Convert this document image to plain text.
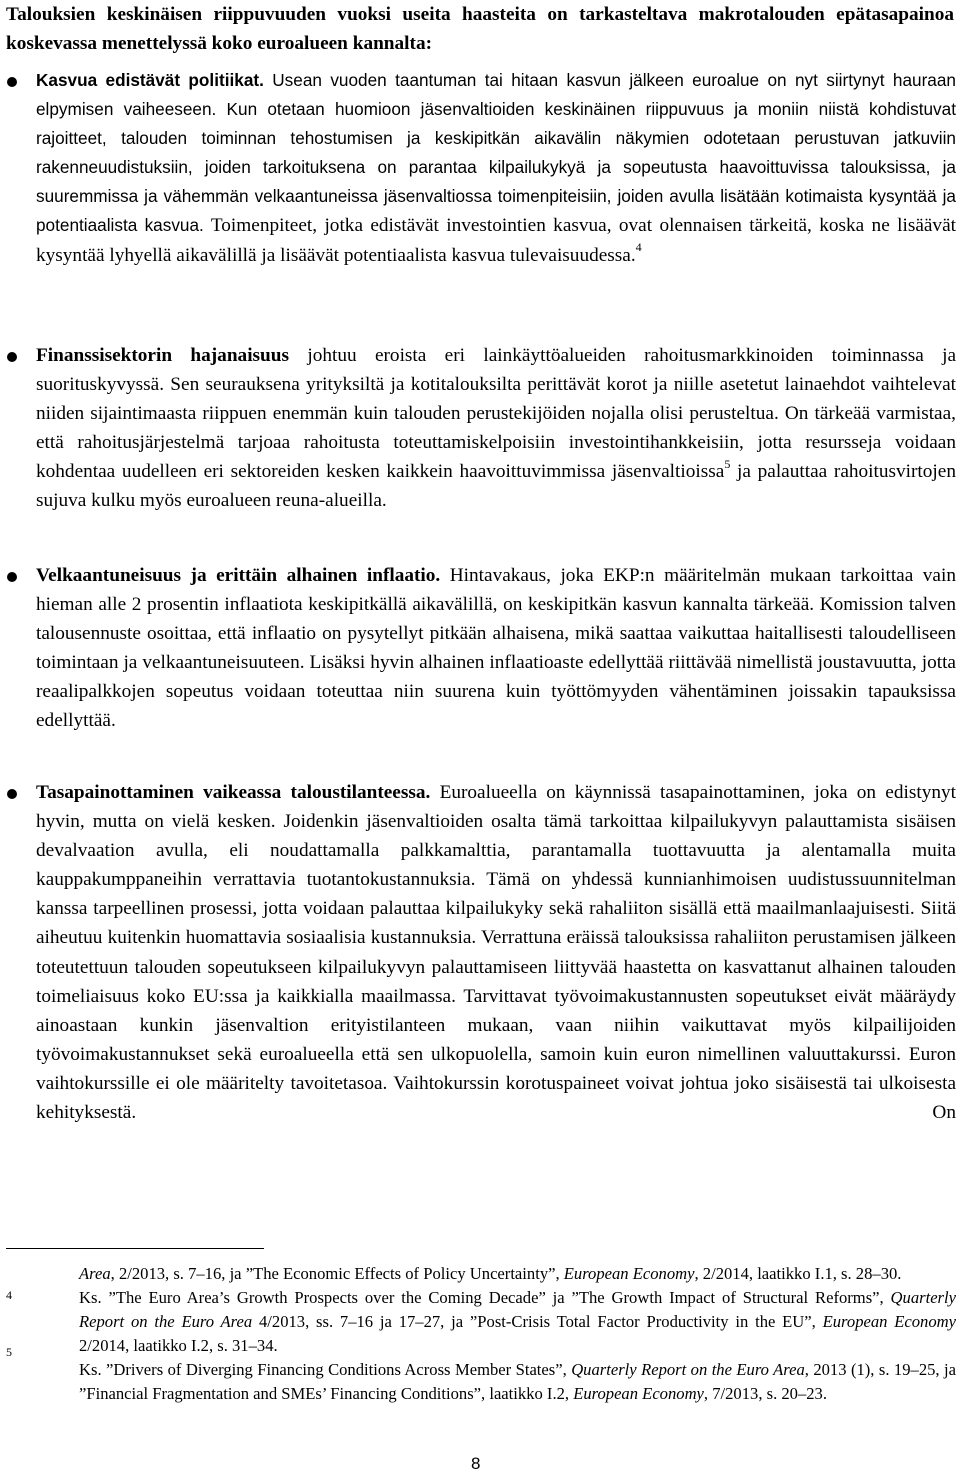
Talouksien keskinäisen riippuvuuden vuoksi useita haasteita on tarkasteltava makrotalouden epätasapainoa koskevassa menettelyssä koko euroalueen kannalta:

Kasvua edistävät politiikat. Usean vuoden taantuman tai hitaan kasvun jälkeen euroalue on nyt siirtynyt hauraan elpymisen vaiheeseen. Kun otetaan huomioon jäsenvaltioiden keskinäinen riippuvuus ja moniin niistä kohdistuvat rajoitteet, talouden toiminnan tehostumisen ja keskipitkän aikavälin näkymien odotetaan perustuvan jatkuviin rakenneuudistuksiin, joiden tarkoituksena on parantaa kilpailukykyä ja sopeutusta haavoittuvissa talouksissa, ja suuremmissa ja vähemmän velkaantuneissa jäsenvaltiossa toimenpiteisiin, joiden avulla lisätään kotimaista kysyntää ja potentiaalista kasvua. Toimenpiteet, jotka edistävät investointien kasvua, ovat olennaisen tärkeitä, koska ne lisäävät kysyntää lyhyellä aikavälillä ja lisäävät potentiaalista kasvua tulevaisuudessa.$^4$

Finanssisektorin hajanaisuus johtuu eroista eri lainkäyttöalueiden rahoitusmarkkinoiden toiminnassa ja suorituskyvyssä. Sen seurauksena yrityksiltä ja kotitalouksilta perittävät korot ja niille asetetut lainaehdot vaihtelevat niiden sijaintimaasta riippuen enemmän kuin talouden perustekijöiden nojalla olisi perusteltua. On tärkeää varmistaa, että rahoitusjärjestelmä tarjoaa rahoitusta toteuttamiskelpoisiin investointihankkeisiin, jotta resursseja voidaan kohdentaa uudelleen eri sektoreiden kesken kaikkein haavoittuvimmissa jäsenvaltioissa$^5$ ja palauttaa rahoitusvirtojen sujuva kulku myös euroalueen reuna-alueilla.

Velkaantuneisuus ja erittäin alhainen inflaatio. Hintavakaus, joka EKP:n määritelmän mukaan tarkoittaa vain hieman alle 2 prosentin inflaatiota keskipitkällä aikavälillä, on keskipitkän kasvun kannalta tärkeää. Komission talven talousennuste osoittaa, että inflaatio on pysytellyt pitkään alhaisena, mikä saattaa vaikuttaa haitallisesti taloudelliseen toimintaan ja velkaantuneisuuteen. Lisäksi hyvin alhainen inflaatioaste edellyttää riittävää nimellistä joustavuutta, jotta reaalipalkkojen sopeutus voidaan toteuttaa niin suurena kuin työttömyyden vähentäminen joissakin tapauksissa edellyttää.

Tasapainottaminen vaikeassa taloustilanteessa. Euroalueella on käynnissä tasapainottaminen, joka on edistynyt hyvin, mutta on vielä kesken. Joidenkin jäsenvaltioiden osalta tämä tarkoittaa kilpailukyvyn palauttamista sisäisen devalvaation avulla, eli noudattamalla palkkamalttia, parantamalla tuottavuutta ja alentamalla muita kauppakumppaneihin verrattavia tuotantokustannuksia. Tämä on yhdessä kunnianhimoisen uudistussuunnitelman kanssa tarpeellinen prosessi, jotta voidaan palauttaa kilpailukyky sekä rahaliiton sisällä että maailmanlaajuisesti. Siitä aiheutuu kuitenkin huomattavia sosiaalisia kustannuksia. Verrattuna eräissä talouksissa rahaliiton perustamisen jälkeen toteutettuun talouden sopeutukseen kilpailukyvyn palauttamiseen liittyvää haastetta on kasvattanut alhainen talouden toimeliaisuus koko EU:ssa ja kaikkialla maailmassa. Tarvittavat työvoimakustannusten sopeutukset eivät määräydy ainoastaan kunkin jäsenvaltion erityistilanteen mukaan, vaan niihin vaikuttavat myös kilpailijoiden työvoimakustannukset sekä euroalueella että sen ulkopuolella, samoin kuin euron nimellinen valuuttakurssi. Euron vaihtokurssille ei ole määritelty tavoitetasoa. Vaihtokurssin korotuspaineet voivat johtua joko sisäisestä tai ulkoisesta kehityksestä. On

Area, 2/2013, s. 7–16, ja ”The Economic Effects of Policy Uncertainty”, European Economy, 2/2014, laatikko I.1, s. 28–30.
4	Ks. ”The Euro Area’s Growth Prospects over the Coming Decade” ja ”The Growth Impact of Structural Reforms”, Quarterly Report on the Euro Area 4/2013, ss. 7–16 ja 17–27, ja ”Post-Crisis Total Factor Productivity in the EU”, European Economy 2/2014, laatikko I.2, s. 31–34.
5
Ks. ”Drivers of Diverging Financing Conditions Across Member States”, Quarterly Report on the Euro Area, 2013 (1), s. 19–25, ja ”Financial Fragmentation and SMEs’ Financing Conditions”, laatikko I.2, European Economy, 7/2013, s. 20–23.
8
